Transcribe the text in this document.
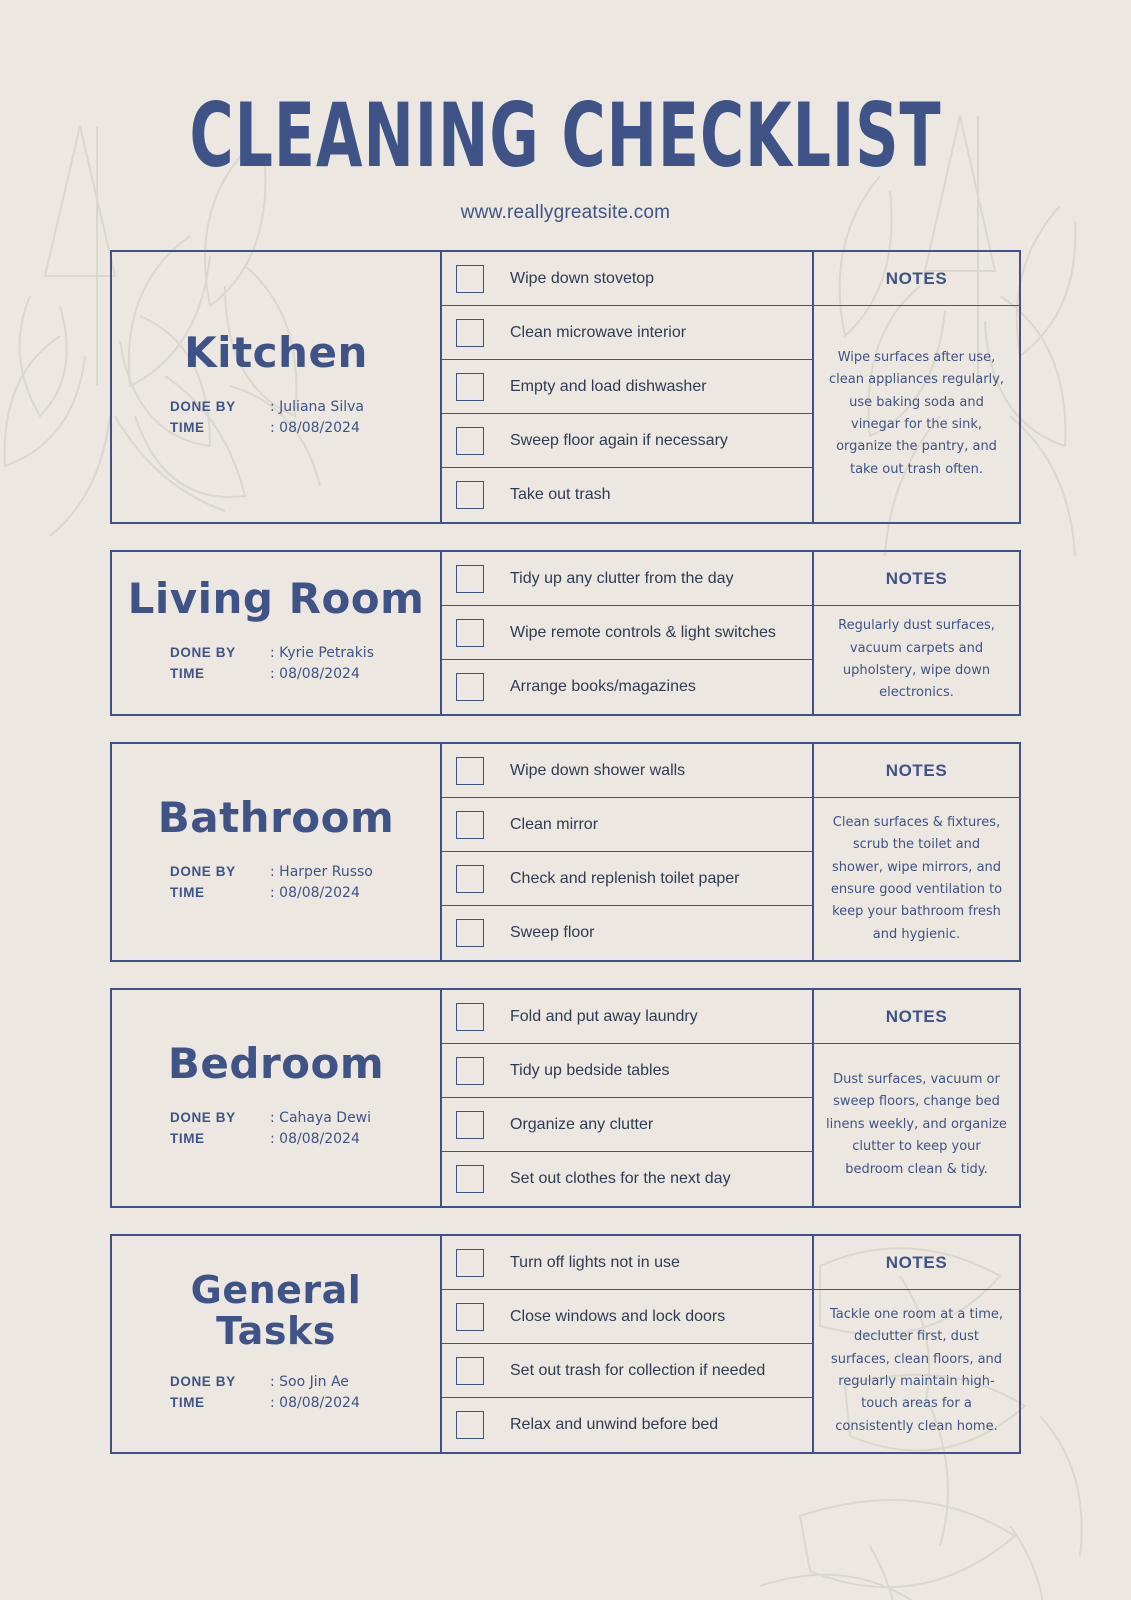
CLEANING CHECKLIST
www.reallygreatsite.com
Kitchen
DONE BY	: Juliana Silva
TIME	: 08/08/2024
Wipe down stovetop
Clean microwave interior
Empty and load dishwasher
Sweep floor again if necessary
Take out trash
NOTES
Wipe surfaces after use, clean appliances regularly, use baking soda and vinegar for the sink, organize the pantry, and take out trash often.
Living Room
DONE BY	: Kyrie Petrakis
TIME	: 08/08/2024
Tidy up any clutter from the day
Wipe remote controls & light switches
Arrange books/magazines
NOTES
Regularly dust surfaces, vacuum carpets and upholstery, wipe down electronics.
Bathroom
DONE BY	: Harper Russo
TIME	: 08/08/2024
Wipe down shower walls
Clean mirror
Check and replenish toilet paper
Sweep floor
NOTES
Clean surfaces & fixtures, scrub the toilet and shower, wipe mirrors, and ensure good ventilation to keep your bathroom fresh and hygienic.
Bedroom
DONE BY	: Cahaya Dewi
TIME	: 08/08/2024
Fold and put away laundry
Tidy up bedside tables
Organize any clutter
Set out clothes for the next day
NOTES
Dust surfaces, vacuum or sweep floors, change bed linens weekly, and organize clutter to keep your bedroom clean & tidy.
General Tasks
DONE BY	: Soo Jin Ae
TIME	: 08/08/2024
Turn off lights not in use
Close windows and lock doors
Set out trash for collection if needed
Relax and unwind before bed
NOTES
Tackle one room at a time, declutter first, dust surfaces, clean floors, and regularly maintain high-touch areas for a consistently clean home.
